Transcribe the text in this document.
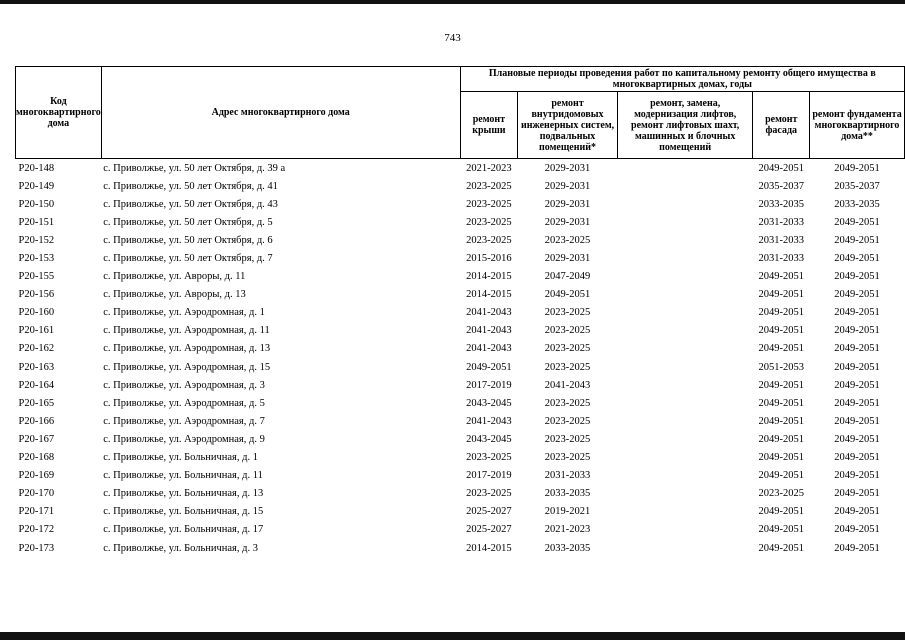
743
Код многоквартирного дома	Адрес многоквартирного дома	Плановые периоды проведения работ по капитальному ремонту общего имущества в многоквартирных домах, годы				
		ремонт крыши	ремонт внутридомовых инженерных систем, подвальных помещений*	ремонт, замена, модернизация лифтов, ремонт лифтовых шахт, машинных и блочных помещений	ремонт фасада	ремонт фундамента многоквартирного дома**
P20-148	с. Приволжье, ул. 50 лет Октября, д. 39 а	2021-2023	2029-2031		2049-2051	2049-2051
P20-149	с. Приволжье, ул. 50 лет Октября, д. 41	2023-2025	2029-2031		2035-2037	2035-2037
P20-150	с. Приволжье, ул. 50 лет Октября, д. 43	2023-2025	2029-2031		2033-2035	2033-2035
P20-151	с. Приволжье, ул. 50 лет Октября, д. 5	2023-2025	2029-2031		2031-2033	2049-2051
P20-152	с. Приволжье, ул. 50 лет Октября, д. 6	2023-2025	2023-2025		2031-2033	2049-2051
P20-153	с. Приволжье, ул. 50 лет Октября, д. 7	2015-2016	2029-2031		2031-2033	2049-2051
P20-155	с. Приволжье, ул. Авроры, д. 11	2014-2015	2047-2049		2049-2051	2049-2051
P20-156	с. Приволжье, ул. Авроры, д. 13	2014-2015	2049-2051		2049-2051	2049-2051
P20-160	с. Приволжье, ул. Аэродромная, д. 1	2041-2043	2023-2025		2049-2051	2049-2051
P20-161	с. Приволжье, ул. Аэродромная, д. 11	2041-2043	2023-2025		2049-2051	2049-2051
P20-162	с. Приволжье, ул. Аэродромная, д. 13	2041-2043	2023-2025		2049-2051	2049-2051
P20-163	с. Приволжье, ул. Аэродромная, д. 15	2049-2051	2023-2025		2051-2053	2049-2051
P20-164	с. Приволжье, ул. Аэродромная, д. 3	2017-2019	2041-2043		2049-2051	2049-2051
P20-165	с. Приволжье, ул. Аэродромная, д. 5	2043-2045	2023-2025		2049-2051	2049-2051
P20-166	с. Приволжье, ул. Аэродромная, д. 7	2041-2043	2023-2025		2049-2051	2049-2051
P20-167	с. Приволжье, ул. Аэродромная, д. 9	2043-2045	2023-2025		2049-2051	2049-2051
P20-168	с. Приволжье, ул. Больничная, д. 1	2023-2025	2023-2025		2049-2051	2049-2051
P20-169	с. Приволжье, ул. Больничная, д. 11	2017-2019	2031-2033		2049-2051	2049-2051
P20-170	с. Приволжье, ул. Больничная, д. 13	2023-2025	2033-2035		2023-2025	2049-2051
P20-171	с. Приволжье, ул. Больничная, д. 15	2025-2027	2019-2021		2049-2051	2049-2051
P20-172	с. Приволжье, ул. Больничная, д. 17	2025-2027	2021-2023		2049-2051	2049-2051
P20-173	с. Приволжье, ул. Больничная, д. 3	2014-2015	2033-2035		2049-2051	2049-2051
